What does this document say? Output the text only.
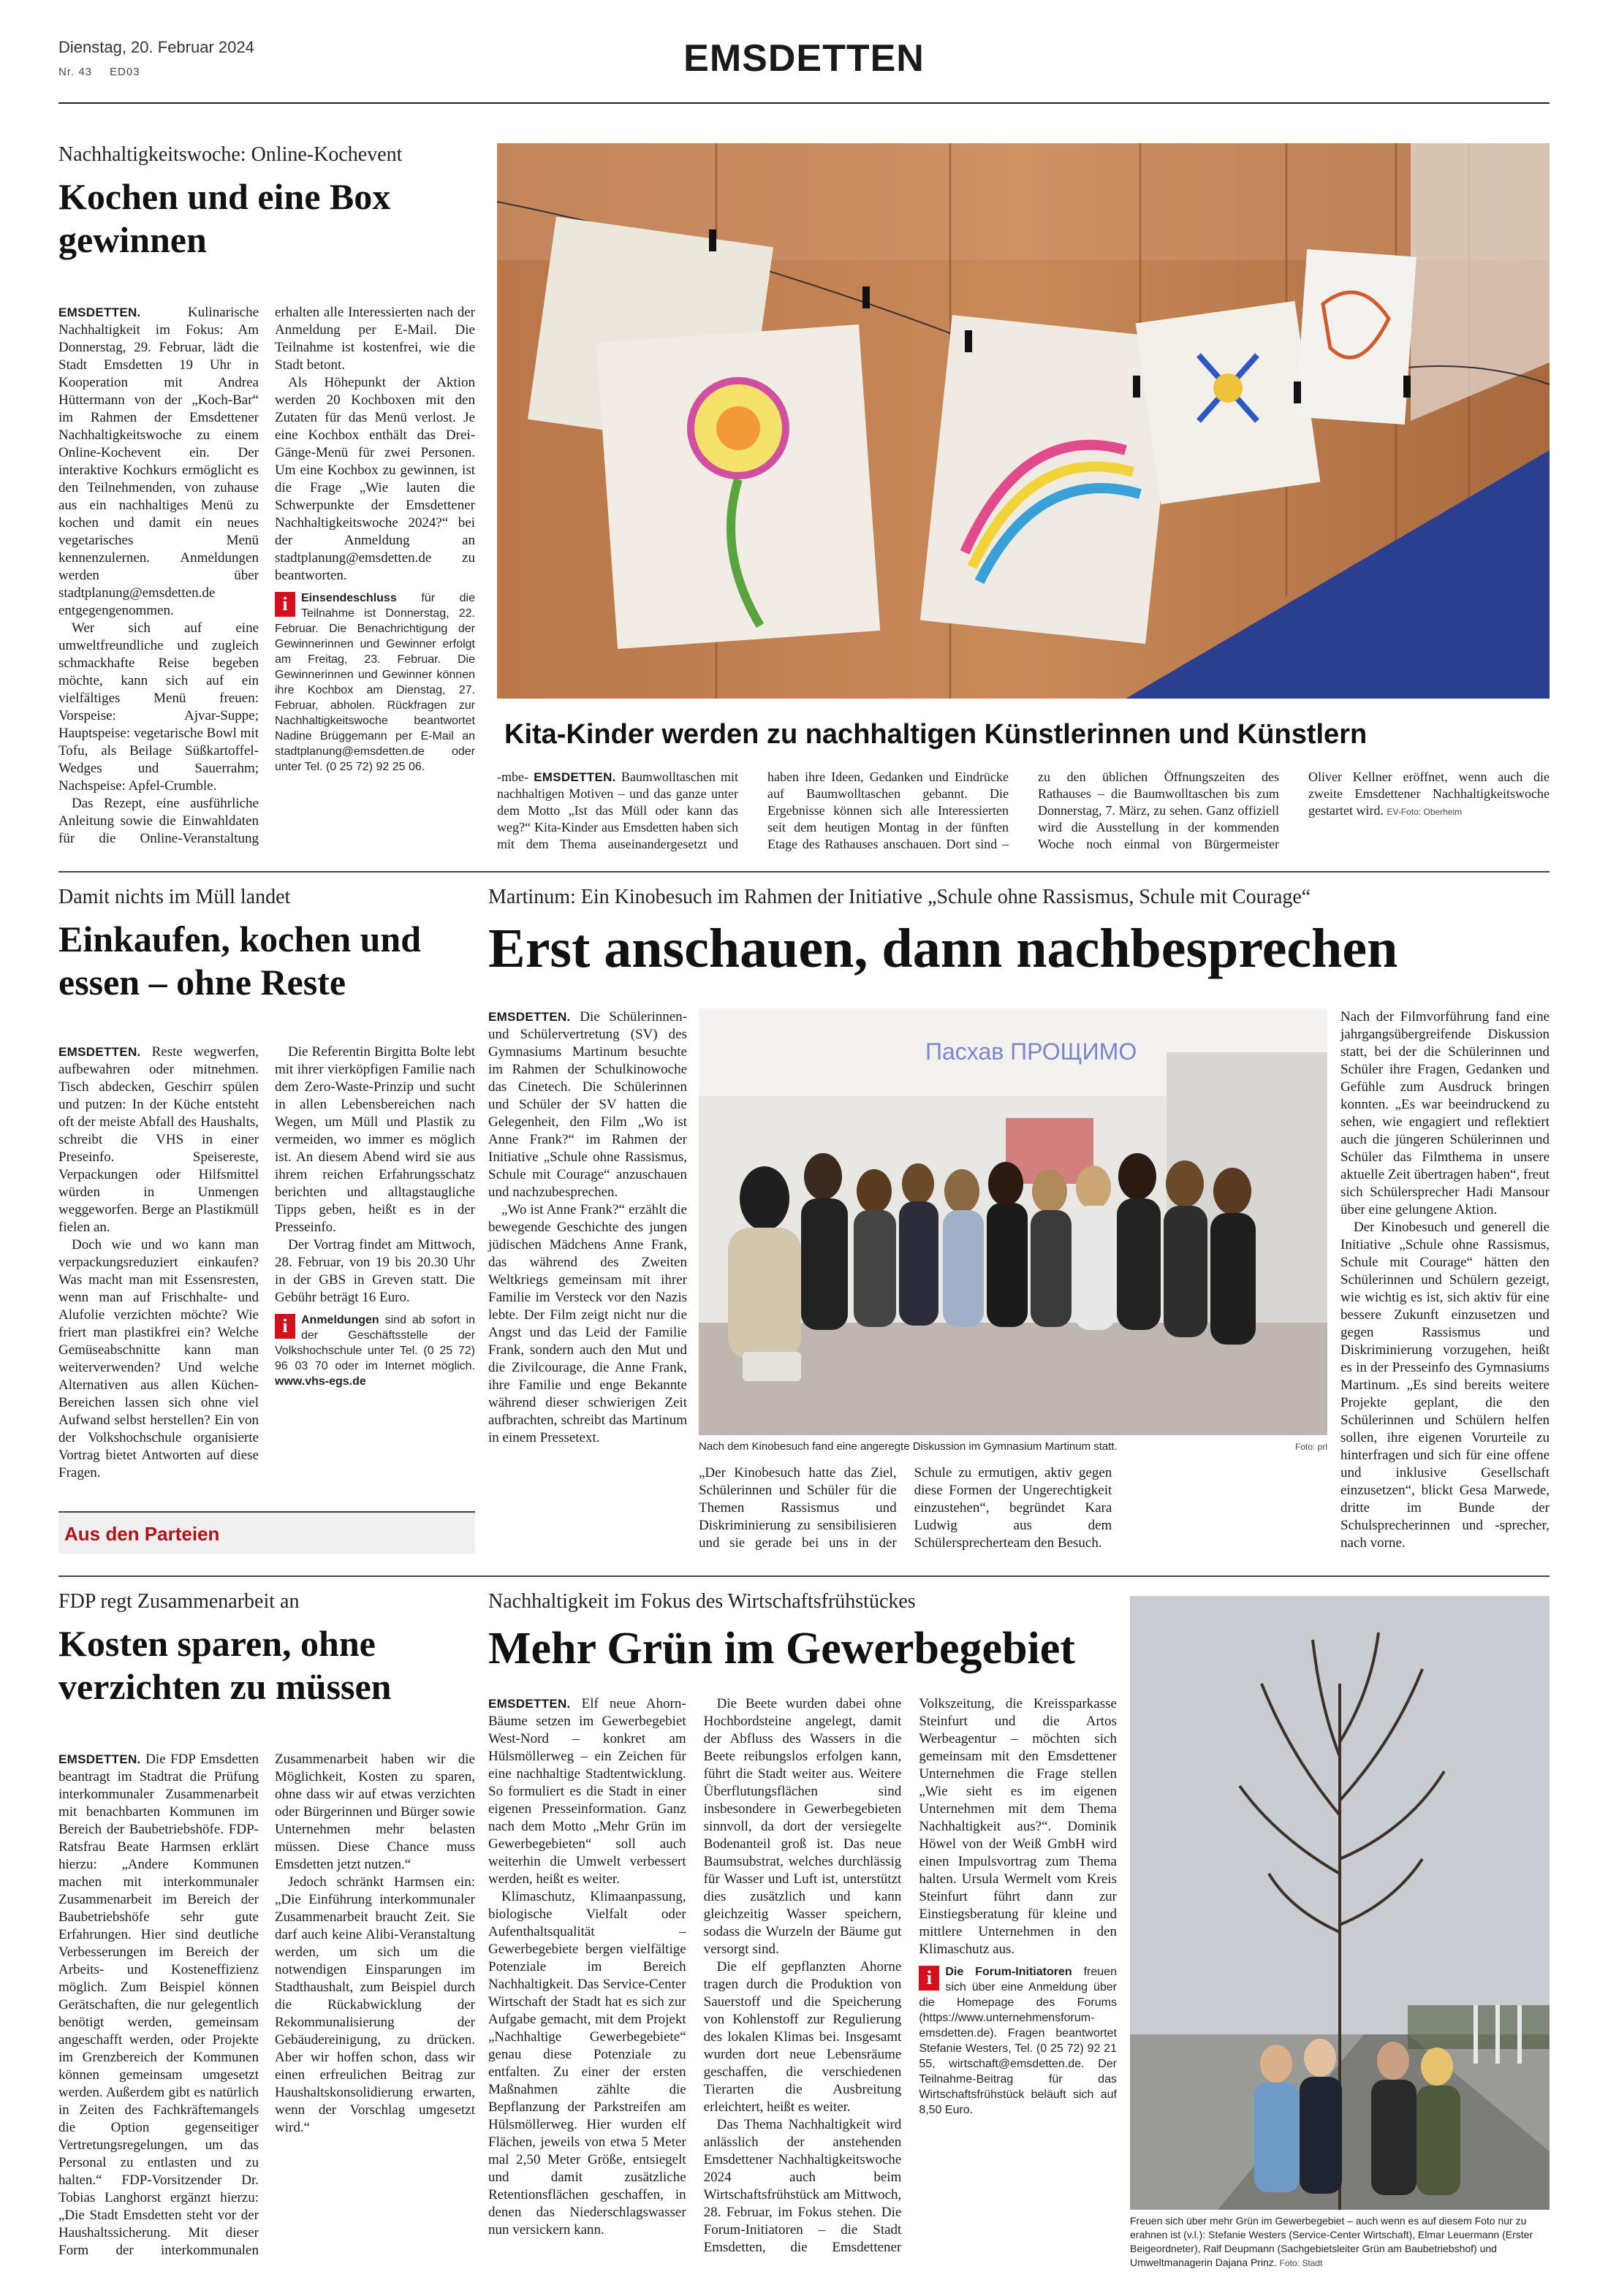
Dienstag, 20. Februar 2024
Nr. 43 ED03	EMSDETTEN
Nachhaltigkeitswoche: Online-Kochevent
Kochen und eine Box gewinnen

EMSDETTEN.	Kulinarische Nachhaltigkeit im Fokus: Am Donnerstag, 29. Februar, lädt die Stadt Emsdetten 19 Uhr in Kooperation mit Andrea Hüttermann von der „Koch-Bar“ im Rahmen der Emsdettener Nachhaltigkeitswoche zu einem Online-Kochevent ein. Der interaktive Kochkurs ermöglicht es den Teilnehmenden, von zuhause aus ein nachhaltiges Menü zu kochen und damit ein neues vegetarisches Menü kennenzulernen. Anmeldungen werden über stadtplanung@emsdetten.de entgegengenommen.

Wer sich auf eine umweltfreundliche und zugleich schmackhafte Reise begeben möchte, kann sich auf ein vielfältiges Menü freuen: Vorspeise: Ajvar-Suppe; Hauptspeise: vegetarische Bowl mit Tofu, als Beilage Süßkartoffel-Wedges und Sauerrahm; Nachspeise: Apfel-Crumble.

Das Rezept, eine ausführliche Anleitung sowie die Einwahldaten für die Online-Veranstaltung erhalten alle Interessierten nach der Anmeldung per E-Mail. Die Teilnahme ist kostenfrei, wie die Stadt betont.

Als Höhepunkt der Aktion werden 20 Kochboxen mit den Zutaten für das Menü verlost. Je eine Kochbox enthält das Drei-Gänge-Menü für zwei Personen. Um eine Kochbox zu gewinnen, ist die Frage „Wie lauten die Schwerpunkte der Emsdettener Nachhaltigkeitswoche 2024?“ bei der Anmeldung an stadtplanung@emsdetten.de zu beantworten.

i	Einsendeschluss für die Teilnahme ist Donnerstag, 22. Februar. Die Benachrichtigung der Gewinnerinnen und Gewinner erfolgt am Freitag, 23. Februar. Die Gewinnerinnen und Gewinner können ihre Kochbox am Dienstag, 27. Februar, abholen. Rückfragen zur Nachhaltigkeitswoche beantwortet Nadine Brüggemann per E-Mail an stadtplanung@emsdetten.de oder unter Tel. (0 25 72) 92 25 06.
Kita-Kinder werden zu nachhaltigen Künstlerinnen und Künstlern

-mbe- EMSDETTEN. Baumwolltaschen mit nachhaltigen Motiven – und das ganze unter dem Motto „Ist das Müll oder kann das weg?“ Kita-Kinder aus Emsdetten haben sich mit dem Thema auseinandergesetzt und haben ihre Ideen, Gedanken und Eindrücke auf Baumwolltaschen gebannt. Die Ergebnisse können sich alle Interessierten seit dem heutigen Montag in der fünften Etage des Rathauses anschauen. Dort sind – zu den üblichen Öffnungszeiten des Rathauses – die Baumwolltaschen bis zum Donnerstag, 7. März, zu sehen. Ganz offiziell wird die Ausstellung in der kommenden Woche noch einmal von Bürgermeister Oliver Kellner eröffnet, wenn auch die zweite Emsdettener Nachhaltigkeitswoche gestartet wird. EV-Foto: Oberheim

Damit nichts im Müll landet
Einkaufen, kochen und essen – ohne Reste

EMSDETTEN. Reste wegwerfen, aufbewahren oder mitnehmen. Tisch abdecken, Geschirr spülen und putzen: In der Küche entsteht oft der meiste Abfall des Haushalts, schreibt die VHS in einer Preseinfo. Speisereste, Verpackungen oder Hilfsmittel würden in Unmengen weggeworfen. Berge an Plastikmüll fielen an.

Doch wie und wo kann man verpackungsreduziert einkaufen? Was macht man mit Essensresten, wenn man auf Frischhalte- und Alufolie verzichten möchte? Wie friert man plastikfrei ein? Welche Gemüseabschnitte kann man weiterverwenden? Und welche Alternativen aus allen Küchen-Bereichen lassen sich ohne viel Aufwand selbst herstellen? Ein von der Volkshochschule organisierte Vortrag bietet Antworten auf diese Fragen.

Die Referentin Birgitta Bolte lebt mit ihrer vierköpfigen Familie nach dem Zero-Waste-Prinzip und sucht in allen Lebensbereichen nach Wegen, um Müll und Plastik zu vermeiden, wo immer es möglich ist. An diesem Abend wird sie aus ihrem reichen Erfahrungsschatz berichten und alltagstaugliche Tipps geben, heißt es in der Presseinfo.

Der Vortrag findet am Mittwoch, 28. Februar, von 19 bis 20.30 Uhr in der GBS in Greven statt. Die Gebühr beträgt 16 Euro.

i	Anmeldungen sind ab sofort in der Geschäftsstelle der Volkshochschule unter Tel. (0 25 72) 96 03 70 oder im Internet möglich. www.vhs-egs.de
Aus den Parteien
Martinum: Ein Kinobesuch im Rahmen der Initiative „Schule ohne Rassismus, Schule mit Courage“
Erst anschauen, dann nachbesprechen

EMSDETTEN. Die Schülerinnen- und Schülervertretung (SV) des Gymnasiums Martinum besuchte im Rahmen der Schulkinowoche das Cinetech. Die Schülerinnen und Schüler der SV hatten die Gelegenheit, den Film „Wo ist Anne Frank?“ im Rahmen der Initiative „Schule ohne Rassismus, Schule mit Courage“ anzuschauen und nachzubesprechen.

„Wo ist Anne Frank?“ erzählt die bewegende Geschichte des jungen jüdischen Mädchens Anne Frank, das während des Zweiten Weltkriegs gemeinsam mit ihrer Familie im Versteck vor den Nazis lebte. Der Film zeigt nicht nur die Angst und das Leid der Familie Frank, sondern auch den Mut und die Zivilcourage, die Anne Frank, ihre Familie und enge Bekannte während dieser schwierigen Zeit aufbrachten, schreibt das Martinum in einem Pressetext.

Пасхав ПРОЩИМО
Nach dem Kinobesuch fand eine angeregte Diskussion im Gymnasium Martinum statt.	Foto: prl

Nach der Filmvorführung fand eine jahrgangsübergreifende Diskussion statt, bei der die Schülerinnen und Schüler ihre Fragen, Gedanken und Gefühle zum Ausdruck bringen konnten. „Es war beeindruckend zu sehen, wie engagiert und reflektiert auch die jüngeren Schülerinnen und Schüler das Filmthema in unsere aktuelle Zeit übertragen haben“, freut sich Schülersprecher Hadi Mansour über eine gelungene Aktion.

Der Kinobesuch und generell die Initiative „Schule ohne Rassismus, Schule mit Courage“ hätten den Schülerinnen und Schülern gezeigt, wie wichtig es ist, sich aktiv für eine bessere Zukunft einzusetzen und gegen Rassismus und Diskriminierung vorzugehen, heißt es in der Presseinfo des Gymnasiums Martinum. „Es sind bereits weitere Projekte geplant, die den Schülerinnen und Schülern helfen sollen, ihre eigenen Vorurteile zu hinterfragen und sich für eine offene und inklusive Gesellschaft einzusetzen“, blickt Gesa Marwede, dritte im Bunde der Schulsprecherinnen und -sprecher, nach vorne.

„Der Kinobesuch hatte das Ziel, Schülerinnen und Schüler für die Themen Rassismus und Diskriminierung zu sensibilisieren und sie gerade bei uns in der Schule zu ermutigen, aktiv gegen diese Formen der Ungerechtigkeit einzustehen“, begründet Kara Ludwig aus dem Schülersprecherteam den Besuch.

FDP regt Zusammenarbeit an
Kosten sparen, ohne verzichten zu müssen

EMSDETTEN. Die FDP Emsdetten beantragt im Stadtrat die Prüfung interkommunaler Zusammenarbeit mit benachbarten Kommunen im Bereich der Baubetriebshöfe. FDP-Ratsfrau Beate Harmsen erklärt hierzu: „Andere Kommunen machen mit interkommunaler Zusammenarbeit im Bereich der Baubetriebshöfe sehr gute Erfahrungen. Hier sind deutliche Verbesserungen im Bereich der Arbeits- und Kosteneffizienz möglich. Zum Beispiel können Gerätschaften, die nur gelegentlich benötigt werden, gemeinsam angeschafft werden, oder Projekte im Grenzbereich der Kommunen können gemeinsam umgesetzt werden. Außerdem gibt es natürlich in Zeiten des Fachkräftemangels die Option gegenseitiger Vertretungsregelungen, um das Personal zu entlasten und zu halten.“ FDP-Vorsitzender Dr. Tobias Langhorst ergänzt hierzu: „Die Stadt Emsdetten steht vor der Haushaltssicherung. Mit dieser Form der interkommunalen Zusammenarbeit haben wir die Möglichkeit, Kosten zu sparen, ohne dass wir auf etwas verzichten oder Bürgerinnen und Bürger sowie Unternehmen mehr belasten müssen. Diese Chance muss Emsdetten jetzt nutzen.“

Jedoch schränkt Harmsen ein: „Die Einführung interkommunaler Zusammenarbeit braucht Zeit. Sie darf auch keine Alibi-Veranstaltung werden, um sich um die notwendigen Einsparungen im Stadthaushalt, zum Beispiel durch die Rückabwicklung der Rekommunalisierung der Gebäudereinigung, zu drücken. Aber wir hoffen schon, dass wir einen erfreulichen Beitrag zur Haushaltskonsolidierung erwarten, wenn der Vorschlag umgesetzt wird.“

Nachhaltigkeit im Fokus des Wirtschaftsfrühstückes
Mehr Grün im Gewerbegebiet

EMSDETTEN. Elf neue Ahorn-Bäume setzen im Gewerbegebiet West-Nord – konkret am Hülsmöllerweg – ein Zeichen für eine nachhaltige Stadtentwicklung. So formuliert es die Stadt in einer eigenen Presseinformation. Ganz nach dem Motto „Mehr Grün im Gewerbegebieten“ soll auch weiterhin die Umwelt verbessert werden, heißt es weiter.

Klimaschutz, Klimaanpassung, biologische Vielfalt oder Aufenthaltsqualität – Gewerbegebiete bergen vielfältige Potenziale im Bereich Nachhaltigkeit. Das Service-Center Wirtschaft der Stadt hat es sich zur Aufgabe gemacht, mit dem Projekt „Nachhaltige Gewerbegebiete“ genau diese Potenziale zu entfalten. Zu einer der ersten Maßnahmen zählte die Bepflanzung der Parkstreifen am Hülsmöllerweg. Hier wurden elf Flächen, jeweils von etwa 5 Meter mal 2,50 Meter Größe, entsiegelt und damit zusätzliche Retentionsflächen geschaffen, in denen das Niederschlagswasser nun versickern kann.

Die Beete wurden dabei ohne Hochbordsteine angelegt, damit der Abfluss des Wassers in die Beete reibungslos erfolgen kann, führt die Stadt weiter aus. Weitere Überflutungsflächen sind insbesondere in Gewerbegebieten sinnvoll, da dort der versiegelte Bodenanteil groß ist. Das neue Baumsubstrat, welches durchlässig für Wasser und Luft ist, unterstützt dies zusätzlich und kann gleichzeitig Wasser speichern, sodass die Wurzeln der Bäume gut versorgt sind.

Die elf gepflanzten Ahorne tragen durch die Produktion von Sauerstoff und die Speicherung von Kohlenstoff zur Regulierung des lokalen Klimas bei. Insgesamt wurden dort neue Lebensräume geschaffen, die verschiedenen Tierarten die Ausbreitung erleichtert, heißt es weiter.

Das Thema Nachhaltigkeit wird anlässlich der anstehenden Emsdettener Nachhaltigkeitswoche 2024 auch beim Wirtschaftsfrühstück am Mittwoch, 28. Februar, im Fokus stehen. Die Forum-Initiatoren – die Stadt Emsdetten, die Emsdettener Volkszeitung, die Kreissparkasse Steinfurt und die Artos Werbeagentur – möchten sich gemeinsam mit den Emsdettener Unternehmen die Frage stellen „Wie sieht es im eigenen Unternehmen mit dem Thema Nachhaltigkeit aus?“. Dominik Höwel von der Weiß GmbH wird einen Impulsvortrag zum Thema halten. Ursula Wermelt vom Kreis Steinfurt führt dann zur Einstiegsberatung für kleine und mittlere Unternehmen in den Klimaschutz aus.

i	Die Forum-Initiatoren freuen sich über eine Anmeldung über die Homepage des Forums (https://www.unternehmensforum-emsdetten.de). Fragen beantwortet Stefanie Westers, Tel. (0 25 72) 92 21 55, wirtschaft@emsdetten.de. Der Teilnahme-Beitrag für das Wirtschaftsfrühstück beläuft sich auf 8,50 Euro.
Freuen sich über mehr Grün im Gewerbegebiet – auch wenn es auf diesem Foto nur zu erahnen ist (v.l.): Stefanie Westers (Service-Center Wirtschaft), Elmar Leuermann (Erster Beigeordneter), Ralf Deupmann (Sachgebietsleiter Grün am Baubetriebshof) und Umweltmanagerin Dajana Prinz. Foto: Stadt
